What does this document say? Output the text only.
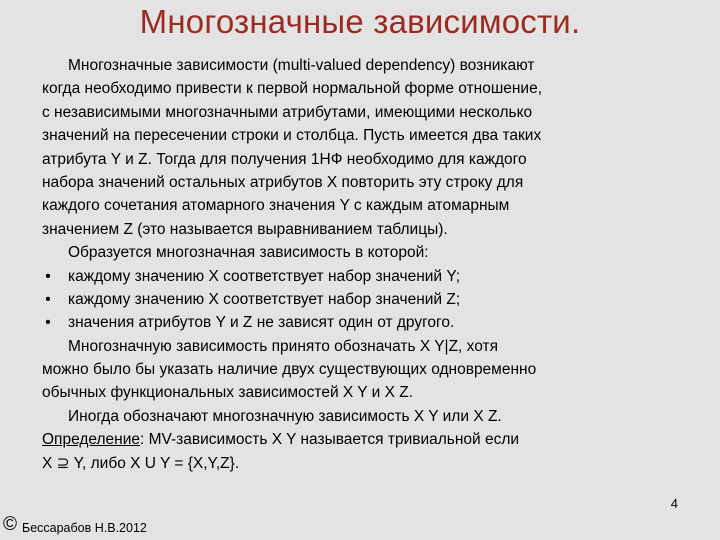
Многозначные зависимости.
Многозначные зависимости (multi-valued dependency) возникают
когда необходимо привести к первой нормальной форме отношение,
с независимыми многозначными атрибутами, имеющими несколько
значений на пересечении строки и столбца. Пусть имеется два таких
атрибута Y и Z. Тогда для получения 1НФ необходимо для каждого
набора значений остальных атрибутов Х повторить эту строку для
каждого сочетания атомарного значения Y с каждым атомарным
значением Z (это называется выравниванием таблицы).
Образуется многозначная зависимость в которой:
• каждому значению X соответствует набор значений Y;
• каждому значению X соответствует набор значений Z;
• значения атрибутов Y и Z не зависят один от другого.
Многозначную зависимость принято обозначать X Y|Z, хотя
можно было бы указать наличие двух существующих одновременно
обычных функциональных зависимостей X Y и X Z.
Иногда обозначают многозначную зависимость X Y или X Z.
Определение: MV-зависимость X Y называется тривиальной если
X ⊇ Y, либо X U Y = {X,Y,Z}.
4
© Бессарабов Н.В.2012
